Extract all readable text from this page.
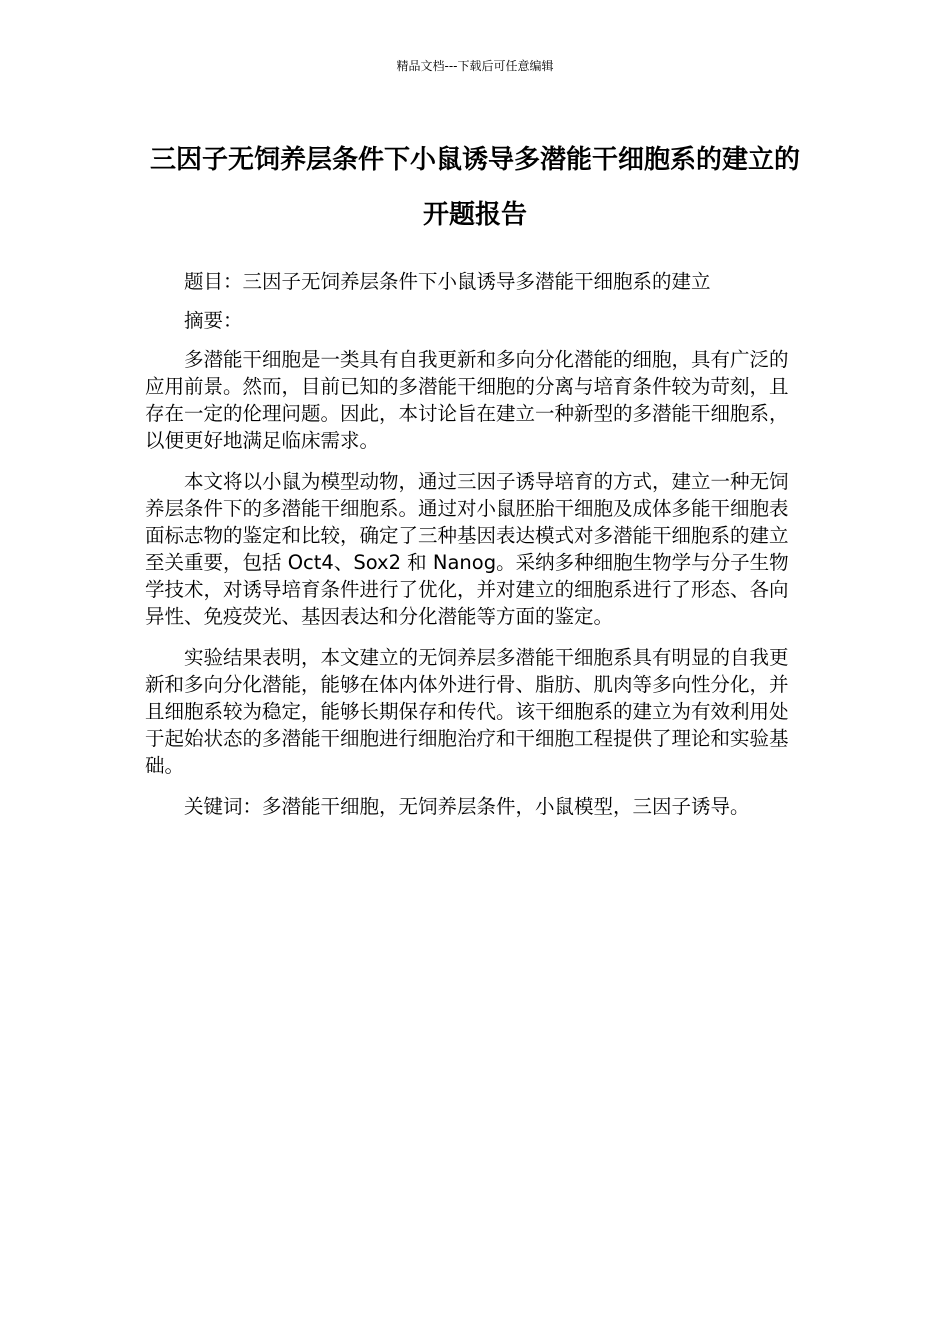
精品文档---下载后可任意编辑
三因子无饲养层条件下小鼠诱导多潜能干细胞系的建立的开题报告

题目：三因子无饲养层条件下小鼠诱导多潜能干细胞系的建立

摘要：

多潜能干细胞是一类具有自我更新和多向分化潜能的细胞，具有广泛的应用前景。然而，目前已知的多潜能干细胞的分离与培育条件较为苛刻，且存在一定的伦理问题。因此，本讨论旨在建立一种新型的多潜能干细胞系，以便更好地满足临床需求。

本文将以小鼠为模型动物，通过三因子诱导培育的方式，建立一种无饲养层条件下的多潜能干细胞系。通过对小鼠胚胎干细胞及成体多能干细胞表面标志物的鉴定和比较，确定了三种基因表达模式对多潜能干细胞系的建立至关重要，包括 Oct4、Sox2 和 Nanog。采纳多种细胞生物学与分子生物学技术，对诱导培育条件进行了优化，并对建立的细胞系进行了形态、各向异性、免疫荧光、基因表达和分化潜能等方面的鉴定。

实验结果表明，本文建立的无饲养层多潜能干细胞系具有明显的自我更新和多向分化潜能，能够在体内体外进行骨、脂肪、肌肉等多向性分化，并且细胞系较为稳定，能够长期保存和传代。该干细胞系的建立为有效利用处于起始状态的多潜能干细胞进行细胞治疗和干细胞工程提供了理论和实验基础。

关键词：多潜能干细胞，无饲养层条件，小鼠模型，三因子诱导。
